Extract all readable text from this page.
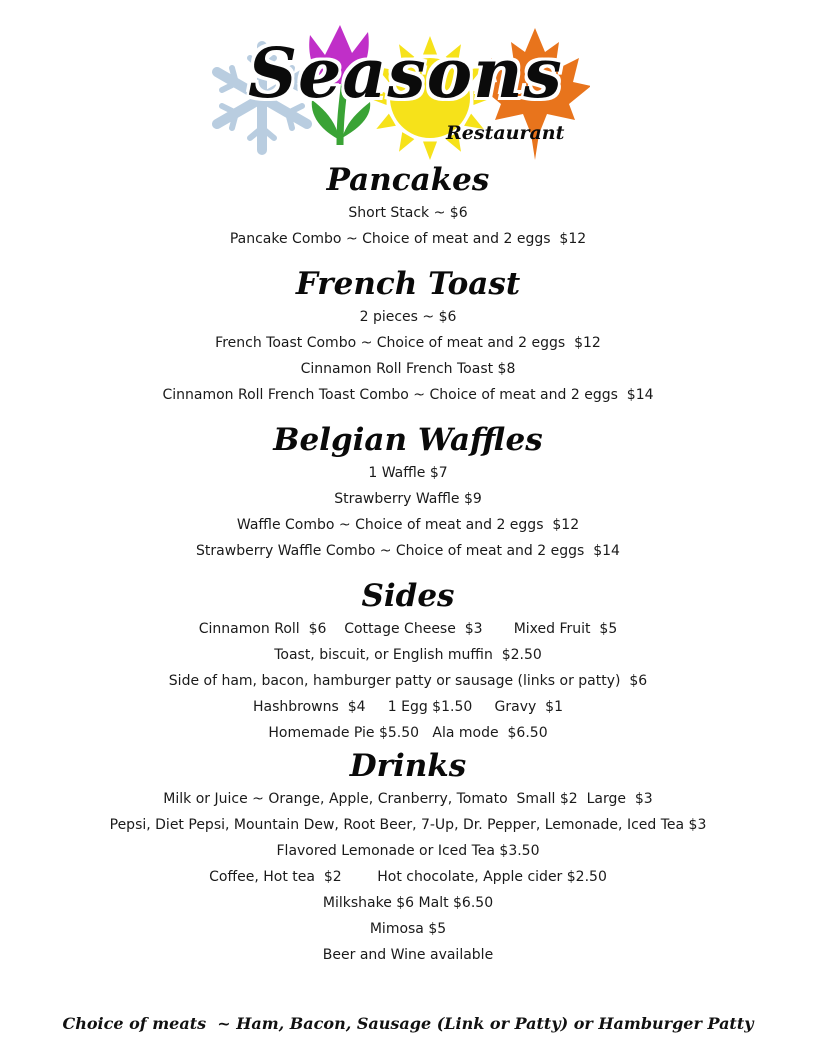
Seasons
Restaurant
Pancakes

Short Stack ~ $6

Pancake Combo ~ Choice of meat and 2 eggs  $12

French Toast

2 pieces ~ $6

French Toast Combo ~ Choice of meat and 2 eggs  $12

Cinnamon Roll French Toast $8

Cinnamon Roll French Toast Combo ~ Choice of meat and 2 eggs  $14

Belgian Waffles

1 Waffle $7

Strawberry Waffle $9

Waffle Combo ~ Choice of meat and 2 eggs  $12

Strawberry Waffle Combo ~ Choice of meat and 2 eggs  $14

Sides

Cinnamon Roll  $6    Cottage Cheese  $3       Mixed Fruit  $5

Toast, biscuit, or English muffin  $2.50

Side of ham, bacon, hamburger patty or sausage (links or patty)  $6

Hashbrowns  $4     1 Egg $1.50     Gravy  $1

Homemade Pie $5.50   Ala mode  $6.50

Drinks

Milk or Juice ~ Orange, Apple, Cranberry, Tomato  Small $2  Large  $3

Pepsi, Diet Pepsi, Mountain Dew, Root Beer, 7-Up, Dr. Pepper, Lemonade, Iced Tea $3

Flavored Lemonade or Iced Tea $3.50

Coffee, Hot tea  $2        Hot chocolate, Apple cider $2.50

Milkshake $6 Malt $6.50

Mimosa $5

Beer and Wine available

Choice of meats  ~ Ham, Bacon, Sausage (Link or Patty) or Hamburger Patty
